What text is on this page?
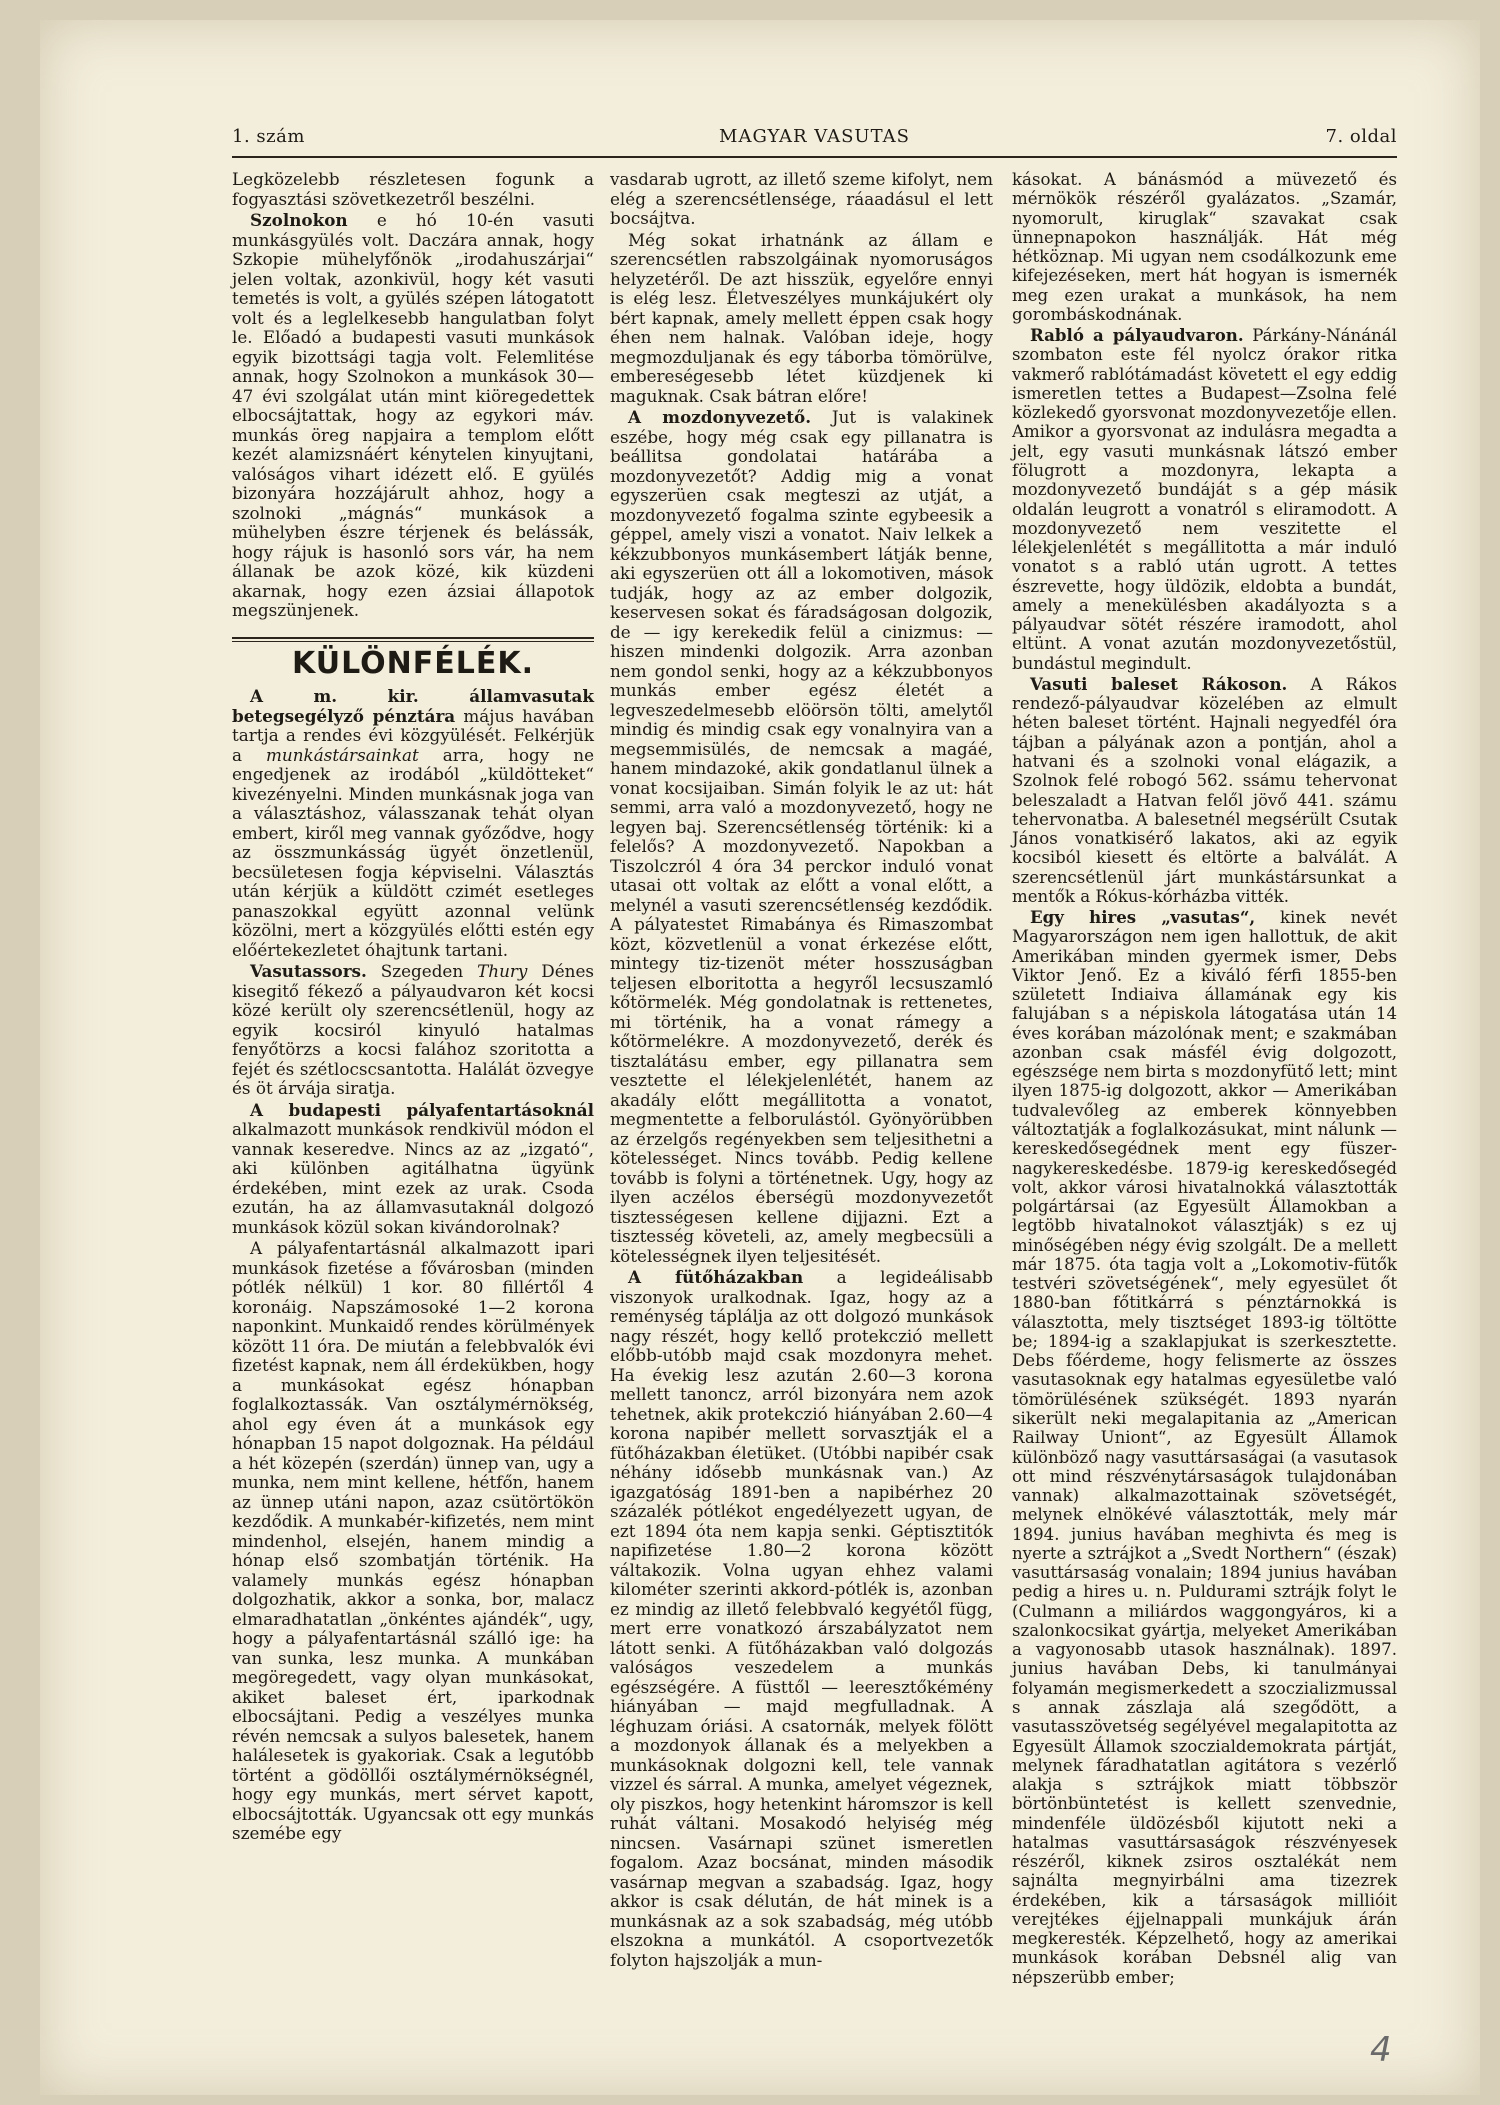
1. szám	MAGYAR VASUTAS	7. oldal

Legközelebb részletesen fogunk a fogyasztási szövetkezetről beszélni.

Szolnokon e hó 10-én vasuti munkásgyülés volt. Daczára annak, hogy Szkopie mühelyfőnök „irodahuszárjai“ jelen voltak, azonkivül, hogy két vasuti temetés is volt, a gyülés szépen látogatott volt és a leglelkesebb hangulatban folyt le. Előadó a budapesti vasuti munkások egyik bizottsági tagja volt. Felemlitése annak, hogy Szolnokon a munkások 30—47 évi szolgálat után mint kiöregedettek elbocsájtattak, hogy az egykori máv. munkás öreg napjaira a templom előtt kezét alamizsnáért kénytelen kinyujtani, valóságos vihart idézett elő. E gyülés bizonyára hozzájárult ahhoz, hogy a szolnoki „mágnás“ munkások a mühelyben észre térjenek és belássák, hogy rájuk is hasonló sors vár, ha nem állanak be azok közé, kik küzdeni akarnak, hogy ezen ázsiai állapotok megszünjenek.

KÜLÖNFÉLÉK.

A m. kir. államvasutak betegsegélyző pénztára május havában tartja a rendes évi közgyülését. Felkérjük a munkástársainkat arra, hogy ne engedjenek az irodából „küldötteket“ kivezényelni. Minden munkásnak joga van a választáshoz, válasszanak tehát olyan embert, kiről meg vannak győződve, hogy az összmunkásság ügyét önzetlenül, becsületesen fogja képviselni. Választás után kérjük a küldött czimét esetleges panaszokkal együtt azonnal velünk közölni, mert a közgyülés előtti estén egy előértekezletet óhajtunk tartani.

Vasutassors. Szegeden Thury Dénes kisegitő fékező a pályaudvaron két kocsi közé került oly szerencsétlenül, hogy az egyik kocsiról kinyuló hatalmas fenyőtörzs a kocsi falához szoritotta a fejét és szétlocscsantotta. Halálát özvegye és öt árvája siratja.

A budapesti pályafentartásoknál alkalmazott munkások rendkivül módon el vannak keseredve. Nincs az az „izgató“, aki különben agitálhatna ügyünk érdekében, mint ezek az urak. Csoda ezután, ha az államvasutaknál dolgozó munkások közül sokan kivándorolnak?

A pályafentartásnál alkalmazott ipari munkások fizetése a fővárosban (minden pótlék nélkül) 1 kor. 80 fillértől 4 koronáig. Napszámosoké 1—2 korona naponkint. Munkaidő rendes körülmények között 11 óra. De miután a felebbvalók évi fizetést kapnak, nem áll érdekükben, hogy a munkásokat egész hónapban foglalkoztassák. Van osztálymérnökség, ahol egy éven át a munkások egy hónapban 15 napot dolgoznak. Ha például a hét közepén (szerdán) ünnep van, ugy a munka, nem mint kellene, hétfőn, hanem az ünnep utáni napon, azaz csütörtökön kezdődik. A munkabér-kifizetés, nem mint mindenhol, elsején, hanem mindig a hónap első szombatján történik. Ha valamely munkás egész hónapban dolgozhatik, akkor a sonka, bor, malacz elmaradhatatlan „önkéntes ajándék“, ugy, hogy a pályafentartásnál szálló ige: ha van sunka, lesz munka. A munkában megöregedett, vagy olyan munkásokat, akiket baleset ért, iparkodnak elbocsájtani. Pedig a veszélyes munka révén nemcsak a sulyos balesetek, hanem halálesetek is gyakoriak. Csak a legutóbb történt a gödöllői osztálymérnökségnél, hogy egy munkás, mert sérvet kapott, elbocsájtották. Ugyancsak ott egy munkás szemébe egy

vasdarab ugrott, az illető szeme kifolyt, nem elég a szerencsétlensége, ráaadásul el lett bocsájtva.

Még sokat irhatnánk az állam e szerencsétlen rabszolgáinak nyomoruságos helyzetéről. De azt hisszük, egyelőre ennyi is elég lesz. Életveszélyes munkájukért oly bért kapnak, amely mellett éppen csak hogy éhen nem halnak. Valóban ideje, hogy megmozduljanak és egy táborba tömörülve, embereségesebb létet küzdjenek ki maguknak. Csak bátran előre!

A mozdonyvezető. Jut is valakinek eszébe, hogy még csak egy pillanatra is beállitsa gondolatai határába a mozdonyvezetőt? Addig mig a vonat egyszerüen csak megteszi az utját, a mozdonyvezető fogalma szinte egybeesik a géppel, amely viszi a vonatot. Naiv lelkek a kékzubbonyos munkásembert látják benne, aki egyszerüen ott áll a lokomotiven, mások tudják, hogy az az ember dolgozik, keservesen sokat és fáradságosan dolgozik, de — igy kerekedik felül a cinizmus: — hiszen mindenki dolgozik. Arra azonban nem gondol senki, hogy az a kékzubbonyos munkás ember egész életét a legveszedelmesebb elöörsön tölti, amelytől mindig és mindig csak egy vonalnyira van a megsemmisülés, de nemcsak a magáé, hanem mindazoké, akik gondatlanul ülnek a vonat kocsijaiban. Simán folyik le az ut: hát semmi, arra való a mozdonyvezető, hogy ne legyen baj. Szerencsétlenség történik: ki a felelős? A mozdonyvezető. Napokban a Tiszolczról 4 óra 34 perckor induló vonat utasai ott voltak az előtt a vonal előtt, a melynél a vasuti szerencsétlenség kezdődik. A pályatestet Rimabánya és Rimaszombat közt, közvetlenül a vonat érkezése előtt, mintegy tiz-tizenöt méter hosszuságban teljesen elboritotta a hegyről lecsuszamló kőtörmelék. Még gondolatnak is rettenetes, mi történik, ha a vonat rámegy a kőtörmelékre. A mozdonyvezető, derék és tisztalátásu ember, egy pillanatra sem vesztette el lélekjelenlétét, hanem az akadály előtt megállitotta a vonatot, megmentette a felborulástól. Gyönyörübben az érzelgős regényekben sem teljesithetni a kötelességet. Nincs tovább. Pedig kellene tovább is folyni a történetnek. Ugy, hogy az ilyen aczélos éberségü mozdonyvezetőt tisztességesen kellene dijjazni. Ezt a tisztesség követeli, az, amely megbecsüli a kötelességnek ilyen teljesitését.

A fütőházakban a legideálisabb viszonyok uralkodnak. Igaz, hogy az a reménység táplálja az ott dolgozó munkások nagy részét, hogy kellő protekczió mellett előbb-utóbb majd csak mozdonyra mehet. Ha évekig lesz azután 2.60—3 korona mellett tanoncz, arról bizonyára nem azok tehetnek, akik protekczió hiányában 2.60—4 korona napibér mellett sorvasztják el a fütőházakban életüket. (Utóbbi napibér csak néhány idősebb munkásnak van.) Az igazgatóság 1891-ben a napibérhez 20 százalék pótlékot engedélyezett ugyan, de ezt 1894 óta nem kapja senki. Géptisztitók napifizetése 1.80—2 korona között váltakozik. Volna ugyan ehhez valami kilométer szerinti akkord-pótlék is, azonban ez mindig az illető felebbvaló kegyétől függ, mert erre vonatkozó árszabályzatot nem látott senki. A fütőházakban való dolgozás valóságos veszedelem a munkás egészségére. A füsttől — leeresztőkémény hiányában — majd megfulladnak. A léghuzam óriási. A csatornák, melyek fölött a mozdonyok állanak és a melyekben a munkásoknak dolgozni kell, tele vannak vizzel és sárral. A munka, amelyet végeznek, oly piszkos, hogy hetenkint háromszor is kell ruhát váltani. Mosakodó helyiség még nincsen. Vasárnapi szünet ismeretlen fogalom. Azaz bocsánat, minden második vasárnap megvan a szabadság. Igaz, hogy akkor is csak délután, de hát minek is a munkásnak az a sok szabadság, még utóbb elszokna a munkától. A csoportvezetők folyton hajszolják a mun-

kásokat. A bánásmód a müvezető és mérnökök részéről gyalázatos. „Szamár, nyomorult, kiruglak“ szavakat csak ünnepnapokon használják. Hát még hétköznap. Mi ugyan nem csodálkozunk eme kifejezéseken, mert hát hogyan is ismernék meg ezen urakat a munkások, ha nem gorombáskodnának.

Rabló a pályaudvaron. Párkány-Nánánál szombaton este fél nyolcz órakor ritka vakmerő rablótámadást követett el egy eddig ismeretlen tettes a Budapest—Zsolna felé közlekedő gyorsvonat mozdonyvezetője ellen. Amikor a gyorsvonat az indulásra megadta a jelt, egy vasuti munkásnak látszó ember fölugrott a mozdonyra, lekapta a mozdonyvezető bundáját s a gép másik oldalán leugrott a vonatról s eliramodott. A mozdonyvezető nem veszitette el lélekjelenlétét s megállitotta a már induló vonatot s a rabló után ugrott. A tettes észrevette, hogy üldözik, eldobta a bundát, amely a menekülésben akadályozta s a pályaudvar sötét részére iramodott, ahol eltünt. A vonat azután mozdonyvezetőstül, bundástul megindult.

Vasuti baleset Rákoson. A Rákos rendező-pályaudvar közelében az elmult héten baleset történt. Hajnali negyedfél óra tájban a pályának azon a pontján, ahol a hatvani és a szolnoki vonal elágazik, a Szolnok felé robogó 562. ssámu tehervonat beleszaladt a Hatvan felől jövő 441. számu tehervonatba. A balesetnél megsérült Csutak János vonatkisérő lakatos, aki az egyik kocsiból kiesett és eltörte a balválát. A szerencsétlenül járt munkástársunkat a mentők a Rókus-kórházba vitték.

Egy hires „vasutas“, kinek nevét Magyarországon nem igen hallottuk, de akit Amerikában minden gyermek ismer, Debs Viktor Jenő. Ez a kiváló férfi 1855-ben született Indiaiva államának egy kis falujában s a népiskola látogatása után 14 éves korában mázolónak ment; e szakmában azonban csak másfél évig dolgozott, egészsége nem birta s mozdonyfütő lett; mint ilyen 1875-ig dolgozott, akkor — Amerikában tudvalevőleg az emberek könnyebben változtatják a foglalkozásukat, mint nálunk — kereskedősegédnek ment egy füszer-nagykereskedésbe. 1879-ig kereskedősegéd volt, akkor városi hivatalnokká választották polgártársai (az Egyesült Államokban a legtöbb hivatalnokot választják) s ez uj minőségében négy évig szolgált. De a mellett már 1875. óta tagja volt a „Lokomotiv-fütők testvéri szövetségének“, mely egyesület őt 1880-ban főtitkárrá s pénztárnokká is választotta, mely tisztséget 1893-ig töltötte be; 1894-ig a szaklapjukat is szerkesztette. Debs főérdeme, hogy felismerte az összes vasutasoknak egy hatalmas egyesületbe való tömörülésének szükségét. 1893 nyarán sikerült neki megalapitania az „American Railway Uniont“, az Egyesült Államok különböző nagy vasuttársaságai (a vasutasok ott mind részvénytársaságok tulajdonában vannak) alkalmazottainak szövetségét, melynek elnökévé választották, mely már 1894. junius havában meghivta és meg is nyerte a sztrájkot a „Svedt Northern“ (észak) vasuttársaság vonalain; 1894 junius havában pedig a hires u. n. Puldurami sztrájk folyt le (Culmann a miliárdos waggongyáros, ki a szalonkocsikat gyártja, melyeket Amerikában a vagyonosabb utasok használnak). 1897. junius havában Debs, ki tanulmányai folyamán megismerkedett a szoczializmussal s annak zászlaja alá szegődött, a vasutasszövetség segélyével megalapitotta az Egyesült Államok szoczialdemokrata pártját, melynek fáradhatatlan agitátora s vezérlő alakja s sztrájkok miatt többször börtönbüntetést is kellett szenvednie, mindenféle üldözésből kijutott neki a hatalmas vasuttársaságok részvényesek részéről, kiknek zsiros osztalékát nem sajnálta megnyirbálni ama tizezrek érdekében, kik a társaságok millióit verejtékes éjjelnappali munkájuk árán megkeresték. Képzelhető, hogy az amerikai munkások korában Debsnél alig van népszerübb ember;

4
